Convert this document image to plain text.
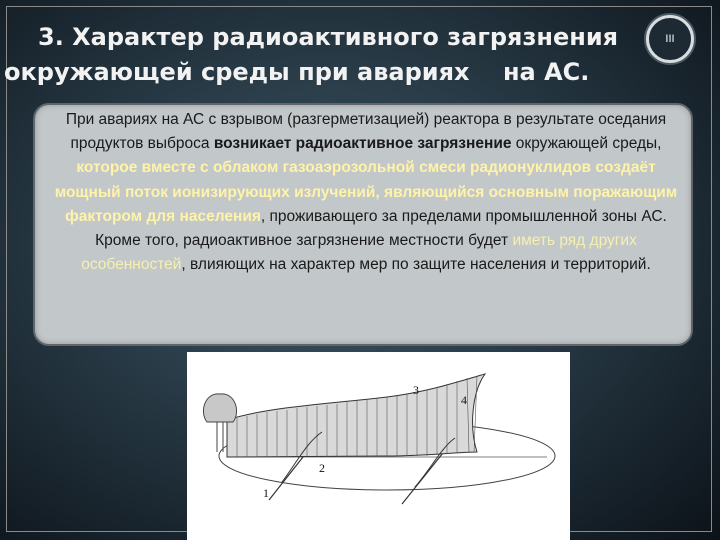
3. Характер радиоактивного загрязнения
окружающей среды при авариях    на АС.
III
При авариях на АС с взрывом (разгерметизацией) реактора в результате оседания продуктов выброса возникает радиоактивное загрязнение окружающей среды, которое вместе с облаком газоаэрозольной смеси радионуклидов создаёт мощный поток ионизирующих излучений, являющийся основным поражающим фактором для населения, проживающего за пределами промышленной зоны АС. Кроме того, радиоактивное загрязнение местности будет иметь ряд других особенностей, влияющих на характер мер по защите населения и территорий.
1
2
3
4
